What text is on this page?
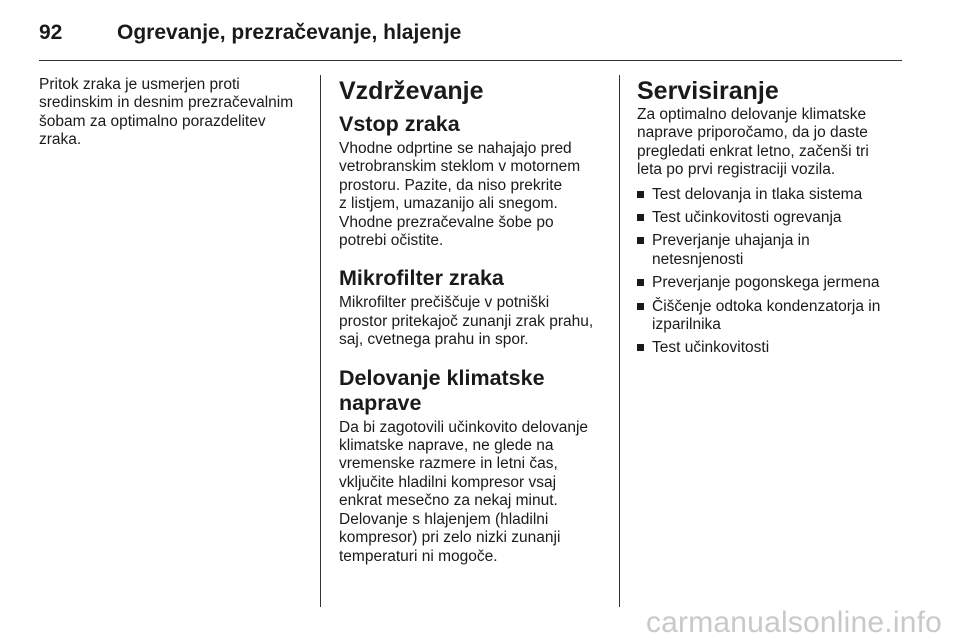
92	Ogrevanje, prezračevanje, hlajenje

Pritok zraka je usmerjen proti
sredinskim in desnim prezračevalnim
šobam za optimalno porazdelitev
zraka.

Vzdrževanje
Vstop zraka

Vhodne odprtine se nahajajo pred
vetrobranskim steklom v motornem
prostoru. Pazite, da niso prekrite
z listjem, umazanijo ali snegom.
Vhodne prezračevalne šobe po
potrebi očistite.

Mikrofilter zraka

Mikrofilter prečiščuje v potniški
prostor pritekajoč zunanji zrak prahu,
saj, cvetnega prahu in spor.

Delovanje klimatske
naprave

Da bi zagotovili učinkovito delovanje
klimatske naprave, ne glede na
vremenske razmere in letni čas,
vključite hladilni kompresor vsaj
enkrat mesečno za nekaj minut.
Delovanje s hlajenjem (hladilni
kompresor) pri zelo nizki zunanji
temperaturi ni mogoče.

Servisiranje

Za optimalno delovanje klimatske
naprave priporočamo, da jo daste
pregledati enkrat letno, začenši tri
leta po prvi registraciji vozila.

Test delovanja in tlaka sistema
Test učinkovitosti ogrevanja
Preverjanje uhajanja in
netesnjenosti
Preverjanje pogonskega jermena
Čiščenje odtoka kondenzatorja in
izparilnika
Test učinkovitosti
carmanualsonline.info
